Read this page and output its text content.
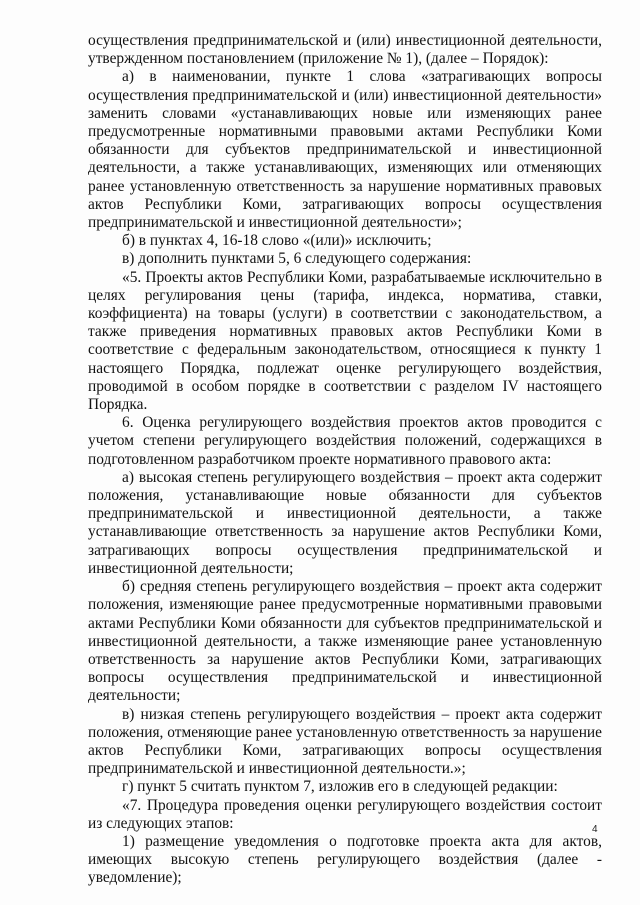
осуществления предпринимательской и (или) инвестиционной деятельности, утвержденном постановлением (приложение № 1), (далее – Порядок):

а) в наименовании, пункте 1 слова «затрагивающих вопросы осуществления предпринимательской и (или) инвестиционной деятельности» заменить словами «устанавливающих новые или изменяющих ранее предусмотренные нормативными правовыми актами Республики Коми обязанности для субъектов предпринимательской и инвестиционной деятельности, а также устанавливающих, изменяющих или отменяющих ранее установленную ответственность за нарушение нормативных правовых актов Республики Коми, затрагивающих вопросы осуществления предпринимательской и инвестиционной деятельности»;

б) в пунктах 4, 16-18 слово «(или)» исключить;

в) дополнить пунктами 5, 6 следующего содержания:

«5. Проекты актов Республики Коми, разрабатываемые исключительно в целях регулирования цены (тарифа, индекса, норматива, ставки, коэффициента) на товары (услуги) в соответствии с законодательством, а также приведения нормативных правовых актов Республики Коми в соответствие с федеральным законодательством, относящиеся к пункту 1 настоящего Порядка, подлежат оценке регулирующего воздействия, проводимой в особом порядке в соответствии с разделом IV настоящего Порядка.

6. Оценка регулирующего воздействия проектов актов проводится с учетом степени регулирующего воздействия положений, содержащихся в подготовленном разработчиком проекте нормативного правового акта:

а) высокая степень регулирующего воздействия – проект акта содержит положения, устанавливающие новые обязанности для субъектов предпринимательской и инвестиционной деятельности, а также устанавливающие ответственность за нарушение актов Республики Коми, затрагивающих вопросы осуществления предпринимательской и инвестиционной деятельности;

б) средняя степень регулирующего воздействия – проект акта содержит положения, изменяющие ранее предусмотренные нормативными правовыми актами Республики Коми обязанности для субъектов предпринимательской и инвестиционной деятельности, а также изменяющие ранее установленную ответственность за нарушение актов Республики Коми, затрагивающих вопросы осуществления предпринимательской и инвестиционной деятельности;

в) низкая степень регулирующего воздействия – проект акта содержит положения, отменяющие ранее установленную ответственность за нарушение актов Республики Коми, затрагивающих вопросы осуществления предпринимательской и инвестиционной деятельности.»;

г) пункт 5 считать пунктом 7, изложив его в следующей редакции:

«7. Процедура проведения оценки регулирующего воздействия состоит из следующих этапов:

1) размещение уведомления о подготовке проекта акта для актов, имеющих высокую степень регулирующего воздействия (далее - уведомление);

4
